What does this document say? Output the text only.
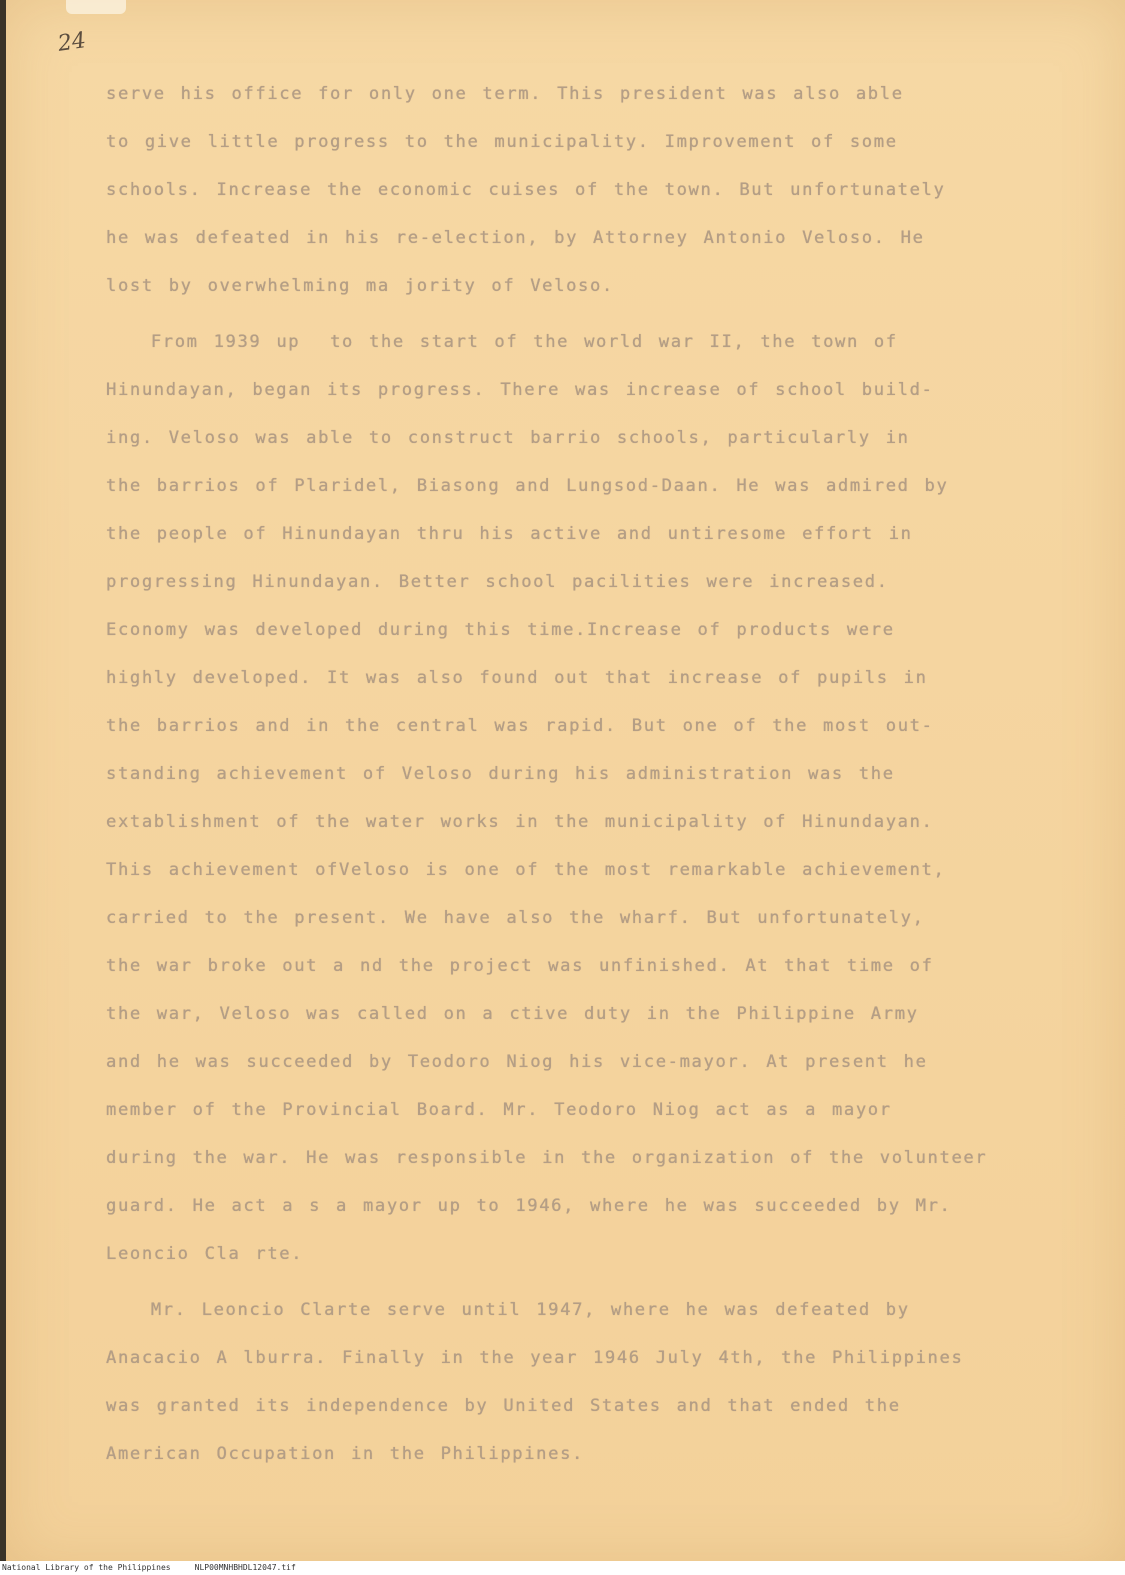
24
serve his office for only one term. This president was also able
to give little progress to the municipality. Improvement of some
schools. Increase the economic cuises of the town. But unfortunately
he was defeated in his re-election, by Attorney Antonio Veloso. He
lost by overwhelming ma jority of Veloso.
From 1939 up  to the start of the world war II, the town of
Hinundayan, began its progress. There was increase of school build-
ing. Veloso was able to construct barrio schools, particularly in
the barrios of Plaridel, Biasong and Lungsod-Daan. He was admired by
the people of Hinundayan thru his active and untiresome effort in
progressing Hinundayan. Better school pacilities were increased.
Economy was developed during this time.Increase of products were
highly developed. It was also found out that increase of pupils in
the barrios and in the central was rapid. But one of the most out-
standing achievement of Veloso during his administration was the
extablishment of the water works in the municipality of Hinundayan.
This achievement ofVeloso is one of the most remarkable achievement,
carried to the present. We have also the wharf. But unfortunately,
the war broke out a nd the project was unfinished. At that time of
the war, Veloso was called on a ctive duty in the Philippine Army
and he was succeeded by Teodoro Niog his vice-mayor. At present he
member of the Provincial Board. Mr. Teodoro Niog act as a mayor
during the war. He was responsible in the organization of the volunteer
guard. He act a s a mayor up to 1946, where he was succeeded by Mr.
Leoncio Cla rte.
Mr. Leoncio Clarte serve until 1947, where he was defeated by
Anacacio A lburra. Finally in the year 1946 July 4th, the Philippines
was granted its independence by United States and that ended the
American Occupation in the Philippines.
National Library of the Philippines     NLP00MNHBHDL12047.tif
